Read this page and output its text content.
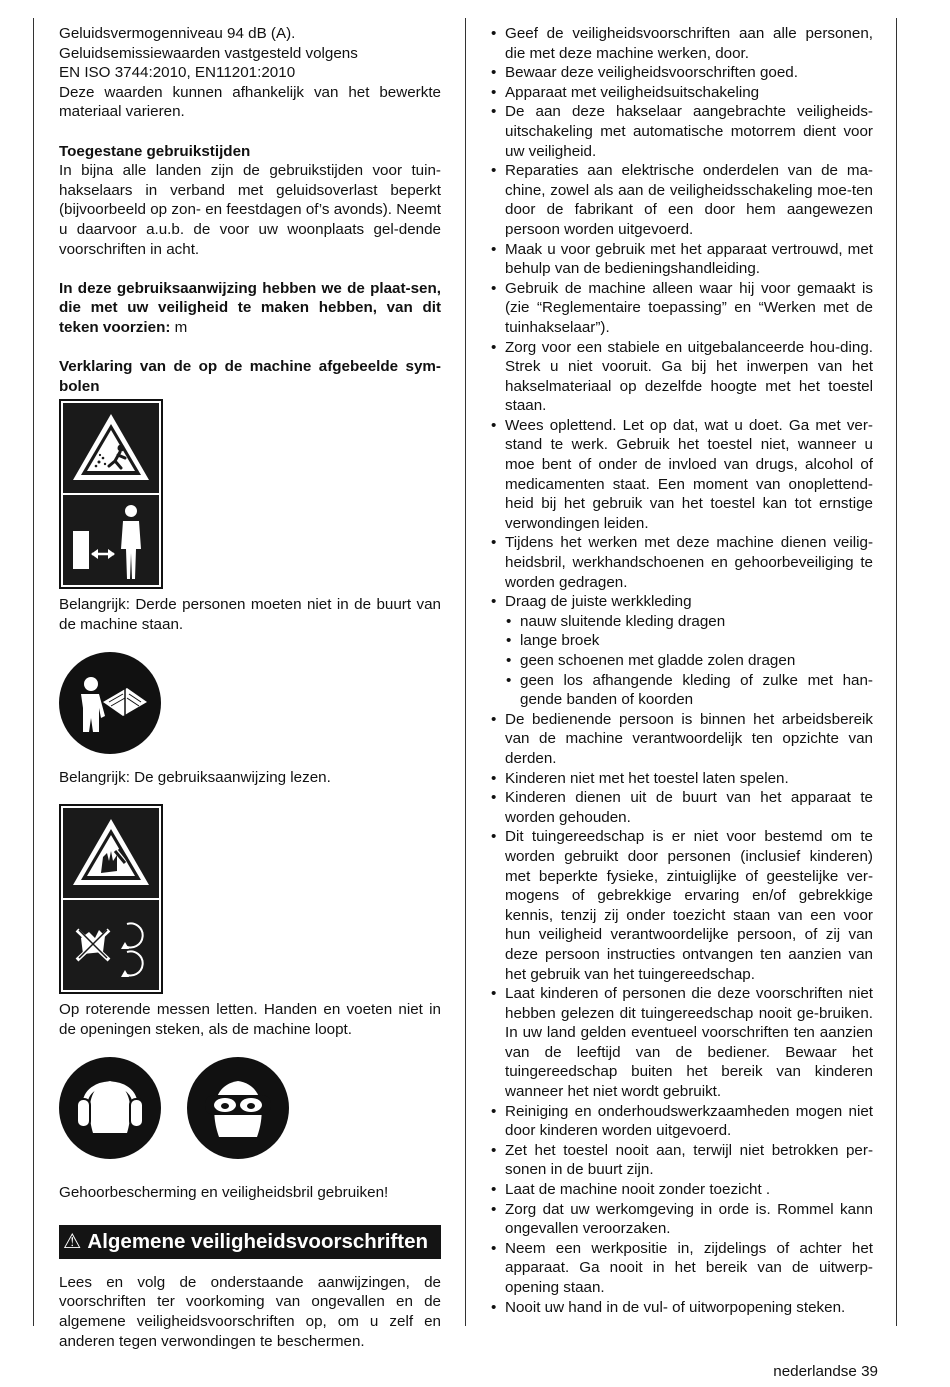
Geluidsvermogenniveau 94 dB (A).

Geluidsemissiewaarden vastgesteld volgens

EN ISO 3744:2010, EN11201:2010

Deze waarden kunnen afhankelijk van het bewerkte materiaal varieren.

Toegestane gebruikstijden

In bijna alle landen zijn de gebruikstijden voor tuin-hakselaars in verband met geluidsoverlast beperkt (bijvoorbeeld op zon- en feestdagen of’s avonds). Neemt u daarvoor a.u.b. de voor uw woonplaats gel-dende voorschriften in acht.

In deze gebruiksaanwijzing hebben we de plaat-sen, die met uw veiligheid te maken hebben, van dit teken voorzien: m

Verklaring van de op de machine afgebeelde sym-bolen

Belangrijk: Derde personen moeten niet in de buurt van de machine staan.

Belangrijk: De gebruiksaanwijzing lezen.

Op roterende messen letten. Handen en voeten niet in de openingen steken, als de machine loopt.

Gehoorbescherming en veiligheidsbril gebruiken!

⚠ Algemene veiligheidsvoorschriften

Lees en volg de onderstaande aanwijzingen, de voorschriften ter voorkoming van ongevallen en de algemene veiligheidsvoorschriften op, om u zelf en anderen tegen verwondingen te beschermen.

• Geef de veiligheidsvoorschriften aan alle personen, die met deze machine werken, door.
• Bewaar deze veiligheidsvoorschriften goed.
• Apparaat met veiligheidsuitschakeling
• De aan deze hakselaar aangebrachte veiligheids-uitschakeling met automatische motorrem dient voor uw veiligheid.
• Reparaties aan elektrische onderdelen van de ma-chine, zowel als aan de veiligheidsschakeling moe-ten door de fabrikant of een door hem aangewezen persoon worden uitgevoerd.
• Maak u voor gebruik met het apparaat vertrouwd, met behulp van de bedieningshandleiding.
• Gebruik de machine alleen waar hij voor gemaakt is (zie “Reglementaire toepassing” en “Werken met de tuinhakselaar”).
• Zorg voor een stabiele en uitgebalanceerde hou-ding. Strek u niet vooruit. Ga bij het inwerpen van het hakselmateriaal op dezelfde hoogte met het toestel staan.
• Wees oplettend. Let op dat, wat u doet. Ga met ver-stand te werk. Gebruik het toestel niet, wanneer u moe bent of onder de invloed van drugs, alcohol of medicamenten staat. Een moment van onoplettend-heid bij het gebruik van het toestel kan tot ernstige verwondingen leiden.
• Tijdens het werken met deze machine dienen veilig-heidsbril, werkhandschoenen en gehoorbeveiliging te worden gedragen.
• Draag de juiste werkkleding
• nauw sluitende kleding dragen
• lange broek
• geen schoenen met gladde zolen dragen
• geen los afhangende kleding of zulke met han-gende banden of koorden
• De bedienende persoon is binnen het arbeidsbereik van de machine verantwoordelijk ten opzichte van derden.
• Kinderen niet met het toestel laten spelen.
• Kinderen dienen uit de buurt van het apparaat te worden gehouden.
• Dit tuingereedschap is er niet voor bestemd om te worden gebruikt door personen (inclusief kinderen) met beperkte fysieke, zintuiglijke of geestelijke ver-mogens of gebrekkige ervaring en/of gebrekkige kennis, tenzij zij onder toezicht staan van een voor hun veiligheid verantwoordelijke persoon, of zij van deze persoon instructies ontvangen ten aanzien van het gebruik van het tuingereedschap.
• Laat kinderen of personen die deze voorschriften niet hebben gelezen dit tuingereedschap nooit ge-bruiken. In uw land gelden eventueel voorschriften ten aanzien van de leeftijd van de bediener. Bewaar het tuingereedschap buiten het bereik van kinderen wanneer het niet wordt gebruikt.
• Reiniging en onderhoudswerkzaamheden mogen niet door kinderen worden uitgevoerd.
• Zet het toestel nooit aan, terwijl niet betrokken per-sonen in de buurt zijn.
• Laat de machine nooit zonder toezicht .
• Zorg dat uw werkomgeving in orde is. Rommel kann ongevallen veroorzaken.
• Neem een werkpositie in, zijdelings of achter het apparaat. Ga nooit in het bereik van de uitwerp-opening staan.
• Nooit uw hand in de vul- of uitworpopening steken.
nederlandse 39
